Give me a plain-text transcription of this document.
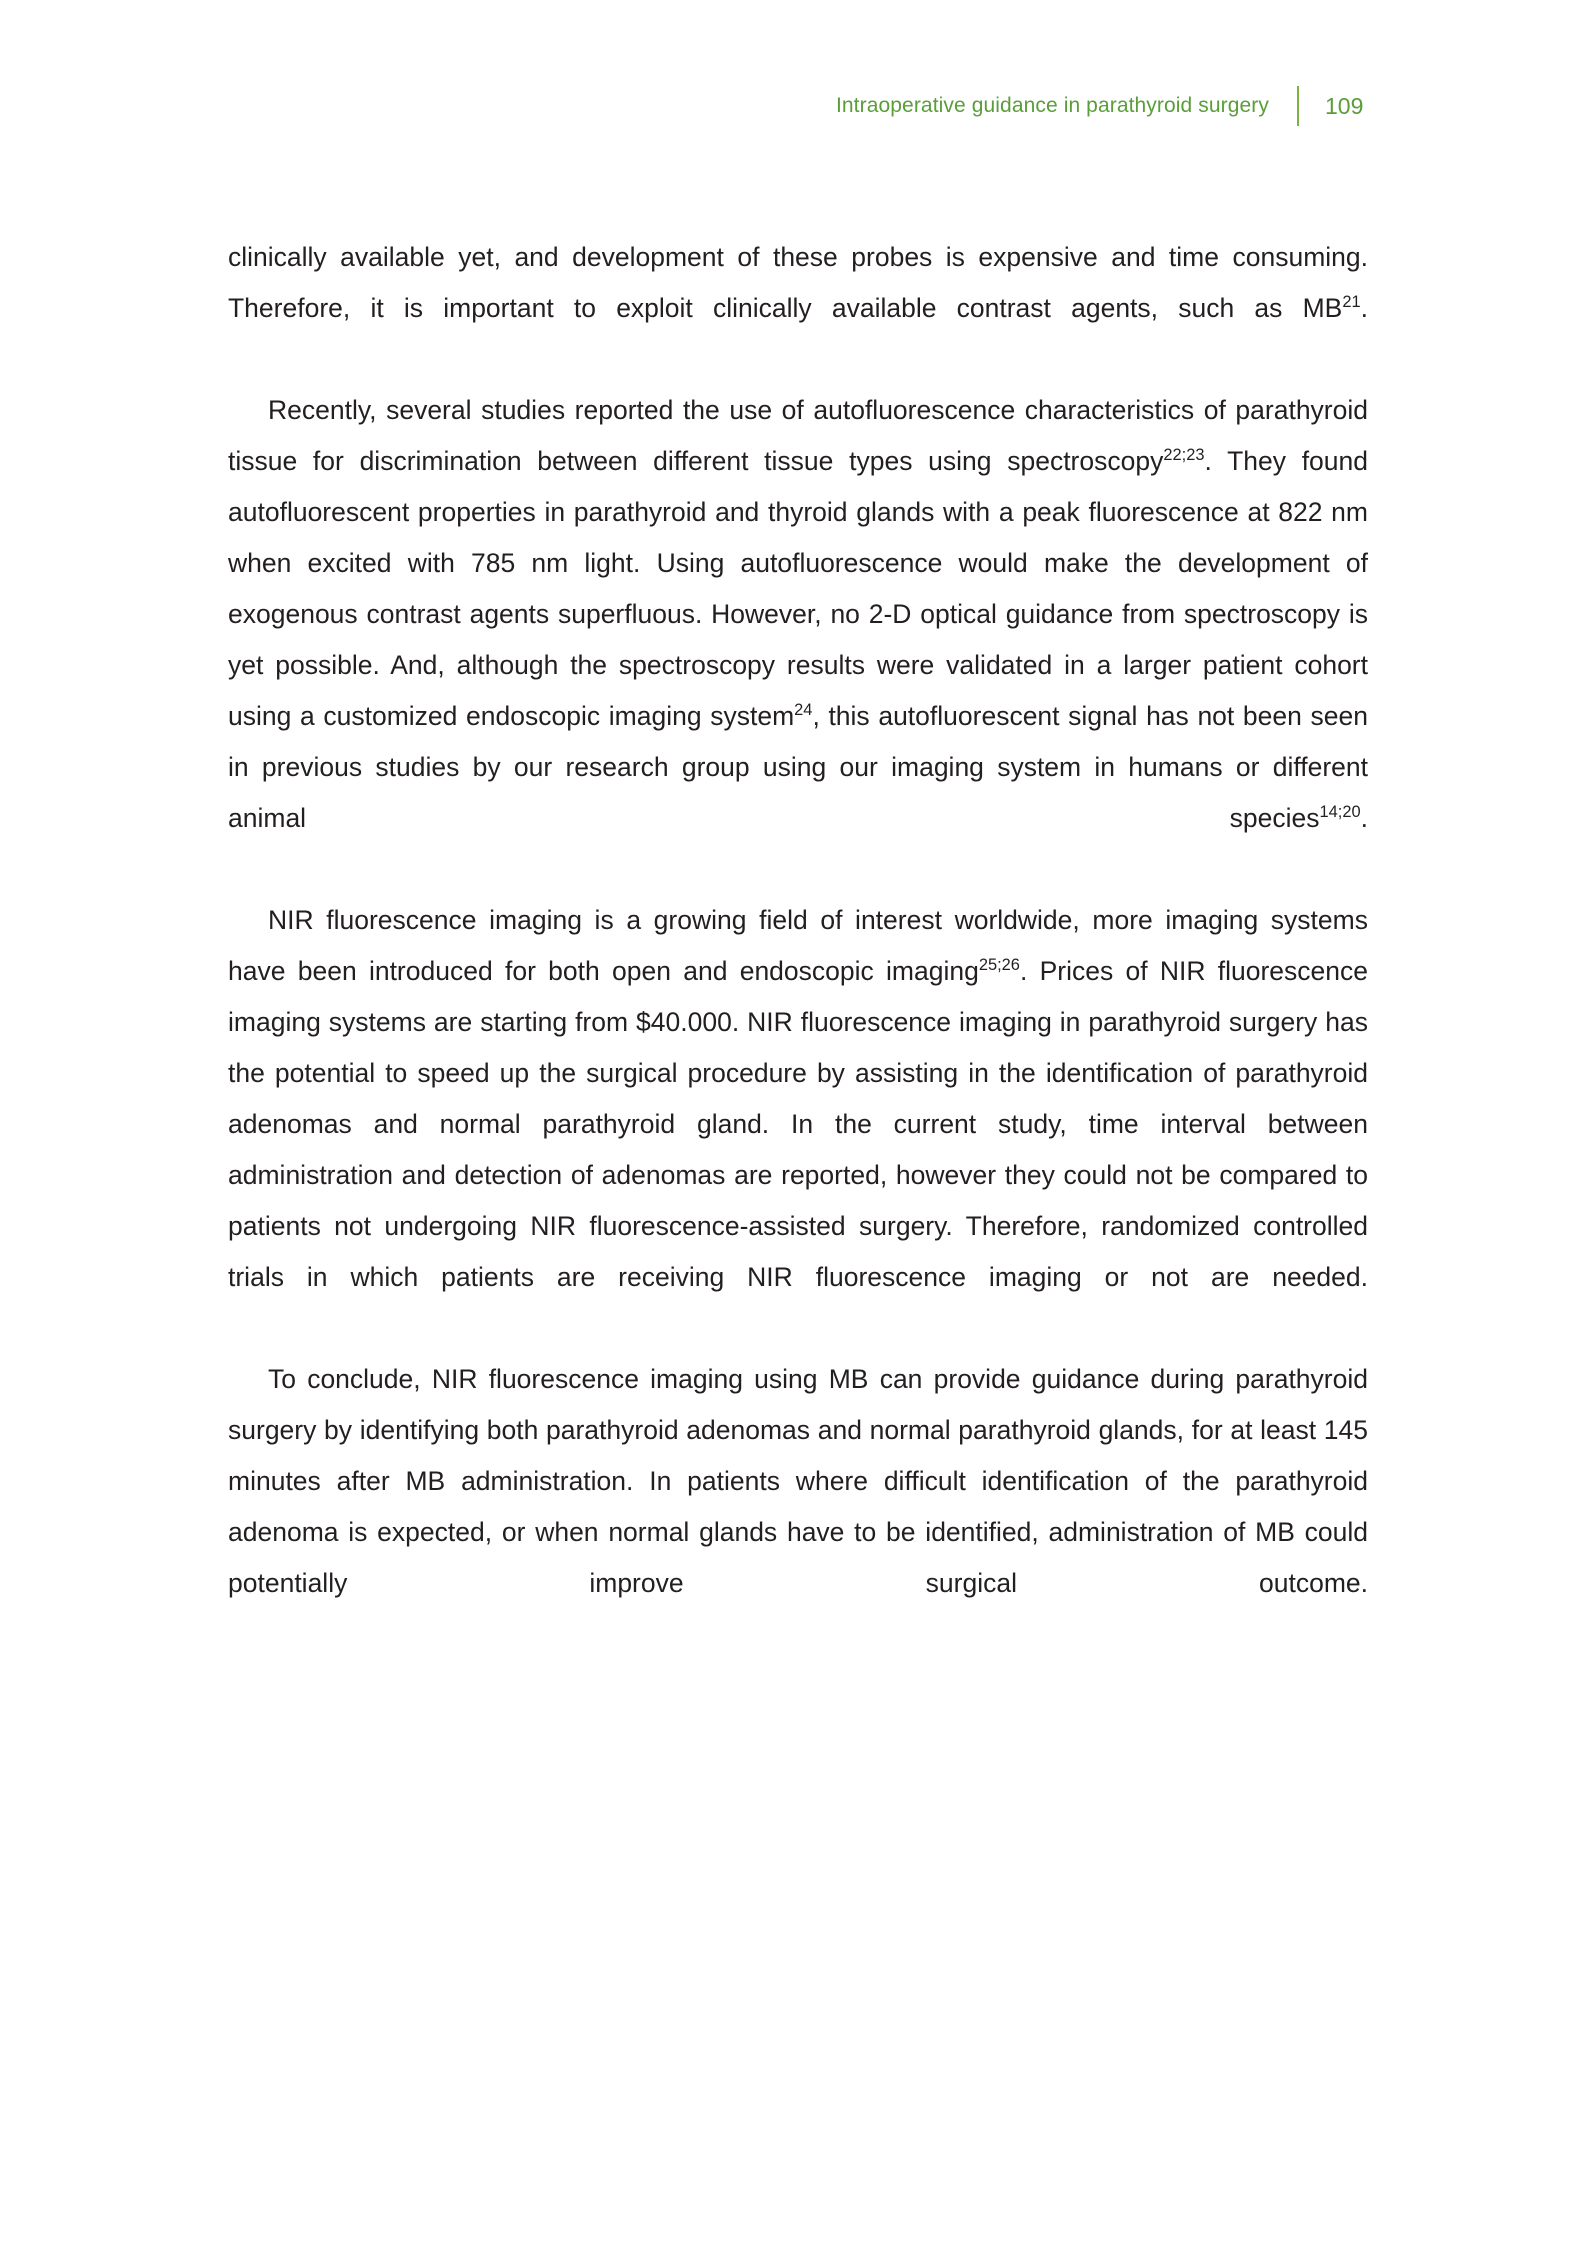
Intraoperative guidance in parathyroid surgery 109

clinically available yet, and development of these probes is expensive and time consuming. Therefore, it is important to exploit clinically available contrast agents, such as MB$^{21}$.

Recently, several studies reported the use of autofluorescence characteristics of parathyroid tissue for discrimination between different tissue types using spectroscopy$^{22;23}$. They found autofluorescent properties in parathyroid and thyroid glands with a peak fluorescence at 822 nm when excited with 785 nm light. Using autofluorescence would make the development of exogenous contrast agents superfluous. However, no 2-D optical guidance from spectroscopy is yet possible. And, although the spectroscopy results were validated in a larger patient cohort using a customized endoscopic imaging system$^{24}$, this autofluorescent signal has not been seen in previous studies by our research group using our imaging system in humans or different animal species$^{14;20}$.

NIR fluorescence imaging is a growing field of interest worldwide, more imaging systems have been introduced for both open and endoscopic imaging$^{25;26}$. Prices of NIR fluorescence imaging systems are starting from $40.000. NIR fluorescence imaging in parathyroid surgery has the potential to speed up the surgical procedure by assisting in the identification of parathyroid adenomas and normal parathyroid gland. In the current study, time interval between administration and detection of adenomas are reported, however they could not be compared to patients not undergoing NIR fluorescence-assisted surgery. Therefore, randomized controlled trials in which patients are receiving NIR fluorescence imaging or not are needed.

To conclude, NIR fluorescence imaging using MB can provide guidance during parathyroid surgery by identifying both parathyroid adenomas and normal parathyroid glands, for at least 145 minutes after MB administration. In patients where difficult identification of the parathyroid adenoma is expected, or when normal glands have to be identified, administration of MB could potentially improve surgical outcome.
